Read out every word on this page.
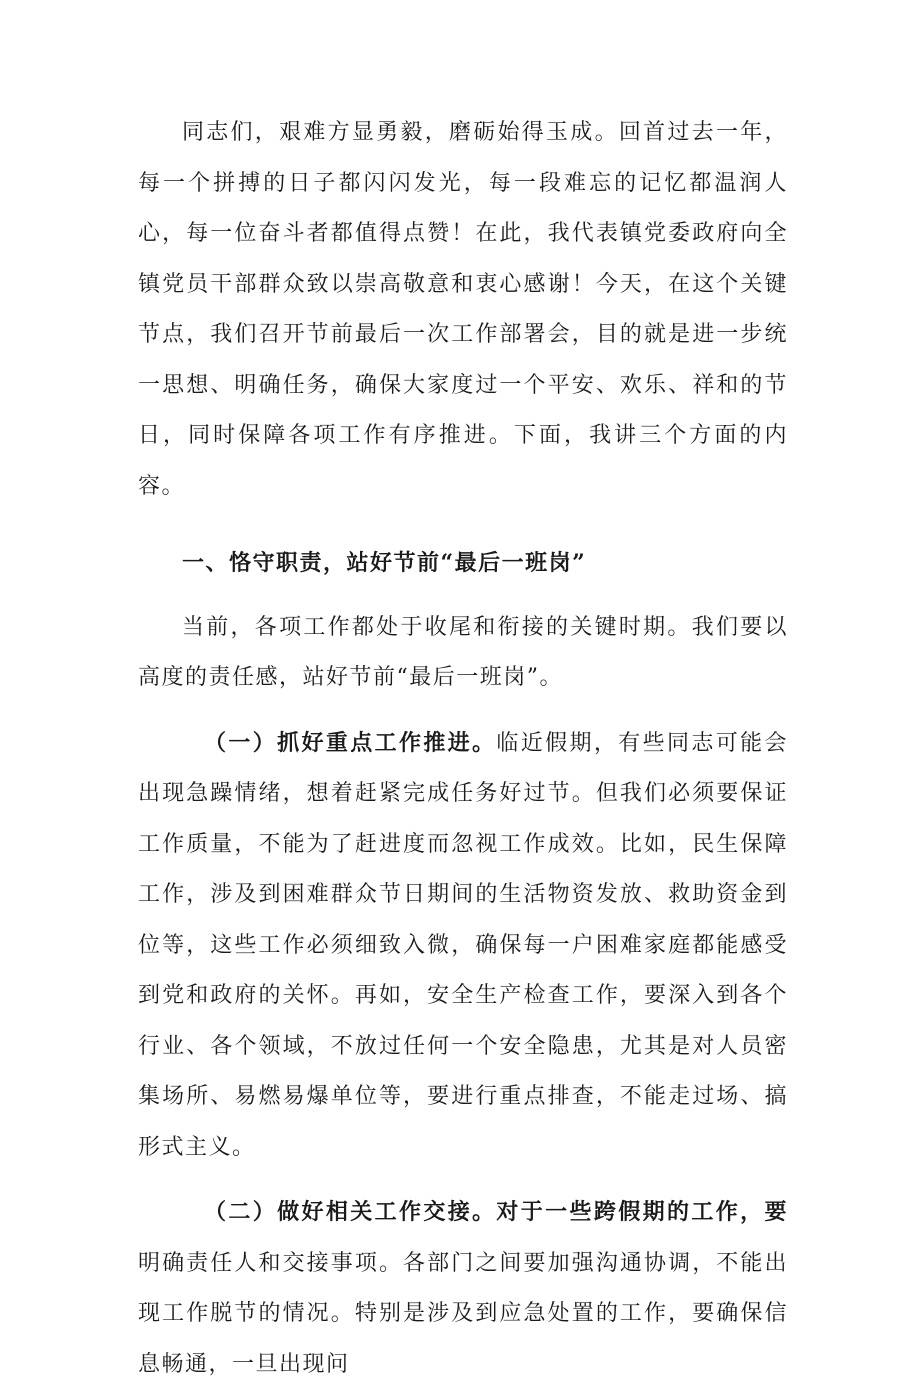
同志们，艰难方显勇毅，磨砺始得玉成。回首过去一年，每一个拼搏的日子都闪闪发光，每一段难忘的记忆都温润人心，每一位奋斗者都值得点赞！在此，我代表镇党委政府向全镇党员干部群众致以崇高敬意和衷心感谢！今天，在这个关键节点，我们召开节前最后一次工作部署会，目的就是进一步统一思想、明确任务，确保大家度过一个平安、欢乐、祥和的节日，同时保障各项工作有序推进。下面，我讲三个方面的内容。

一、恪守职责，站好节前“最后一班岗”

当前，各项工作都处于收尾和衔接的关键时期。我们要以高度的责任感，站好节前“最后一班岗”。

（一）抓好重点工作推进。临近假期，有些同志可能会出现急躁情绪，想着赶紧完成任务好过节。但我们必须要保证工作质量，不能为了赶进度而忽视工作成效。比如，民生保障工作，涉及到困难群众节日期间的生活物资发放、救助资金到位等，这些工作必须细致入微，确保每一户困难家庭都能感受到党和政府的关怀。再如，安全生产检查工作，要深入到各个行业、各个领域，不放过任何一个安全隐患，尤其是对人员密集场所、易燃易爆单位等，要进行重点排查，不能走过场、搞形式主义。

（二）做好相关工作交接。对于一些跨假期的工作，要明确责任人和交接事项。各部门之间要加强沟通协调，不能出现工作脱节的情况。特别是涉及到应急处置的工作，要确保信息畅通，一旦出现问
